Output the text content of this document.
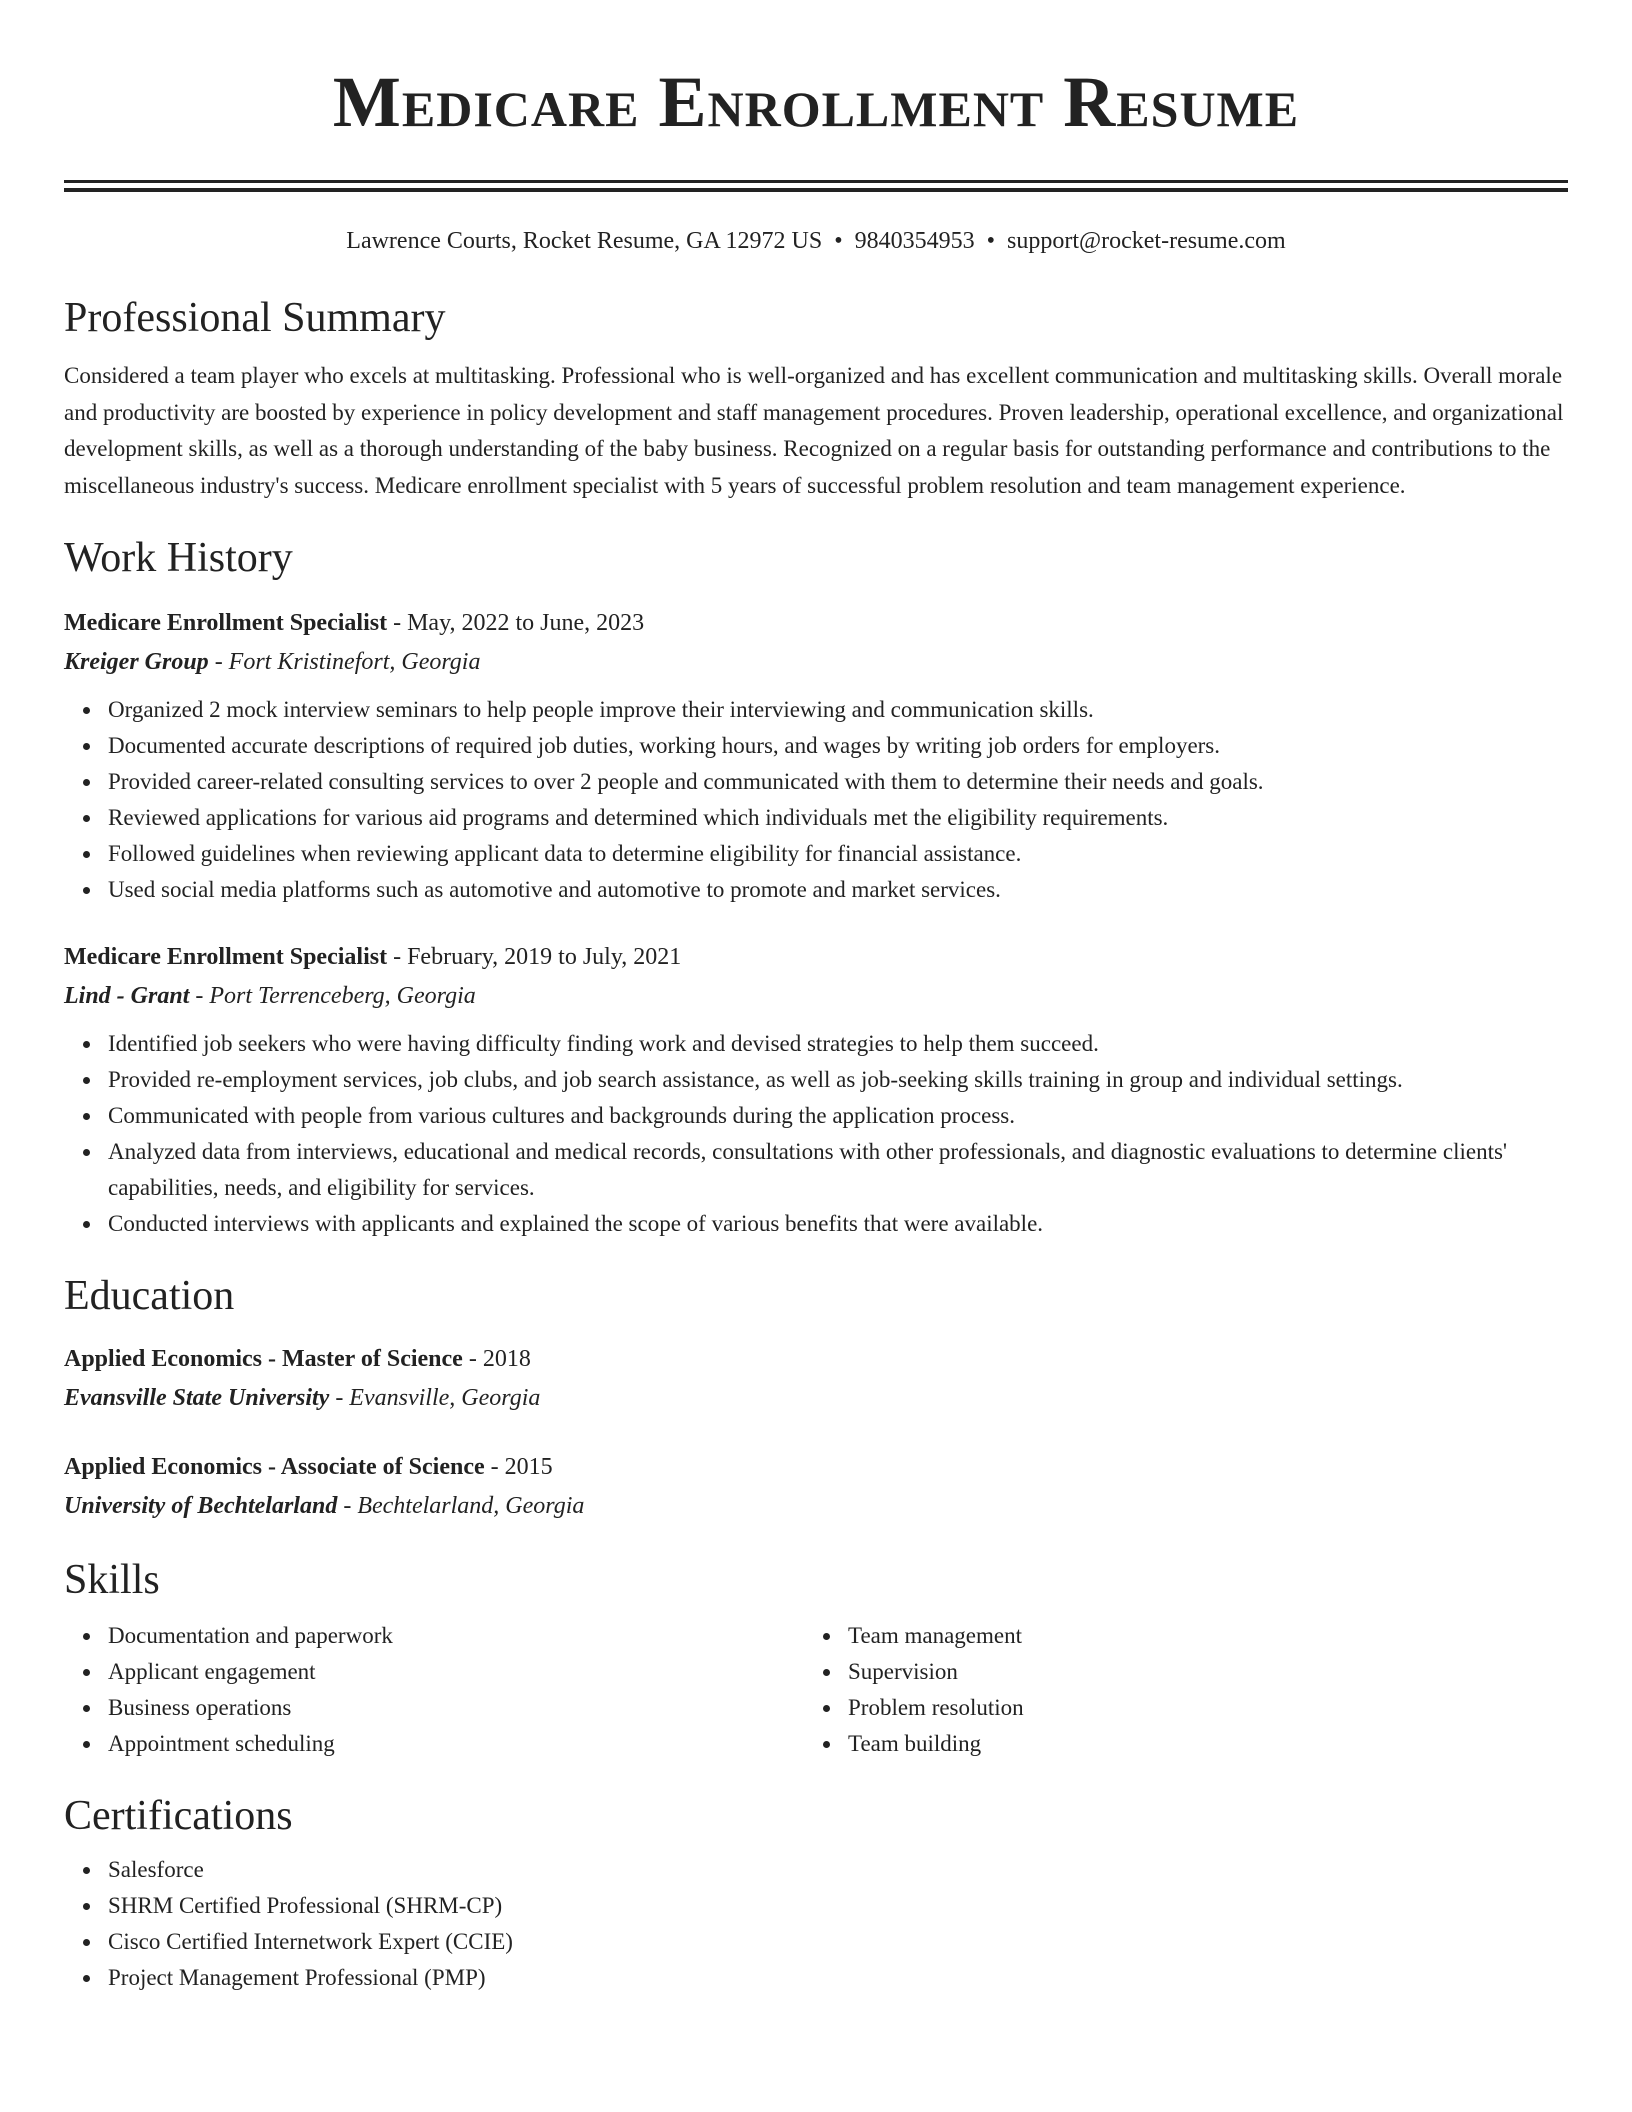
Medicare Enrollment Resume
Lawrence Courts, Rocket Resume, GA 12972 US • 9840354953 • support@rocket-resume.com
Professional Summary

Considered a team player who excels at multitasking. Professional who is well-organized and has excellent communication and multitasking skills. Overall morale and productivity are boosted by experience in policy development and staff management procedures. Proven leadership, operational excellence, and organizational development skills, as well as a thorough understanding of the baby business. Recognized on a regular basis for outstanding performance and contributions to the miscellaneous industry's success. Medicare enrollment specialist with 5 years of successful problem resolution and team management experience.

Work History
Medicare Enrollment Specialist - May, 2022 to June, 2023
Kreiger Group - Fort Kristinefort, Georgia
Organized 2 mock interview seminars to help people improve their interviewing and communication skills.
Documented accurate descriptions of required job duties, working hours, and wages by writing job orders for employers.
Provided career-related consulting services to over 2 people and communicated with them to determine their needs and goals.
Reviewed applications for various aid programs and determined which individuals met the eligibility requirements.
Followed guidelines when reviewing applicant data to determine eligibility for financial assistance.
Used social media platforms such as automotive and automotive to promote and market services.
Medicare Enrollment Specialist - February, 2019 to July, 2021
Lind - Grant - Port Terrenceberg, Georgia
Identified job seekers who were having difficulty finding work and devised strategies to help them succeed.
Provided re-employment services, job clubs, and job search assistance, as well as job-seeking skills training in group and individual settings.
Communicated with people from various cultures and backgrounds during the application process.
Analyzed data from interviews, educational and medical records, consultations with other professionals, and diagnostic evaluations to determine clients' capabilities, needs, and eligibility for services.
Conducted interviews with applicants and explained the scope of various benefits that were available.
Education
Applied Economics - Master of Science - 2018
Evansville State University - Evansville, Georgia
Applied Economics - Associate of Science - 2015
University of Bechtelarland - Bechtelarland, Georgia
Skills
Documentation and paperwork
Applicant engagement
Business operations
Appointment scheduling
Team management
Supervision
Problem resolution
Team building
Certifications
Salesforce
SHRM Certified Professional (SHRM-CP)
Cisco Certified Internetwork Expert (CCIE)
Project Management Professional (PMP)
